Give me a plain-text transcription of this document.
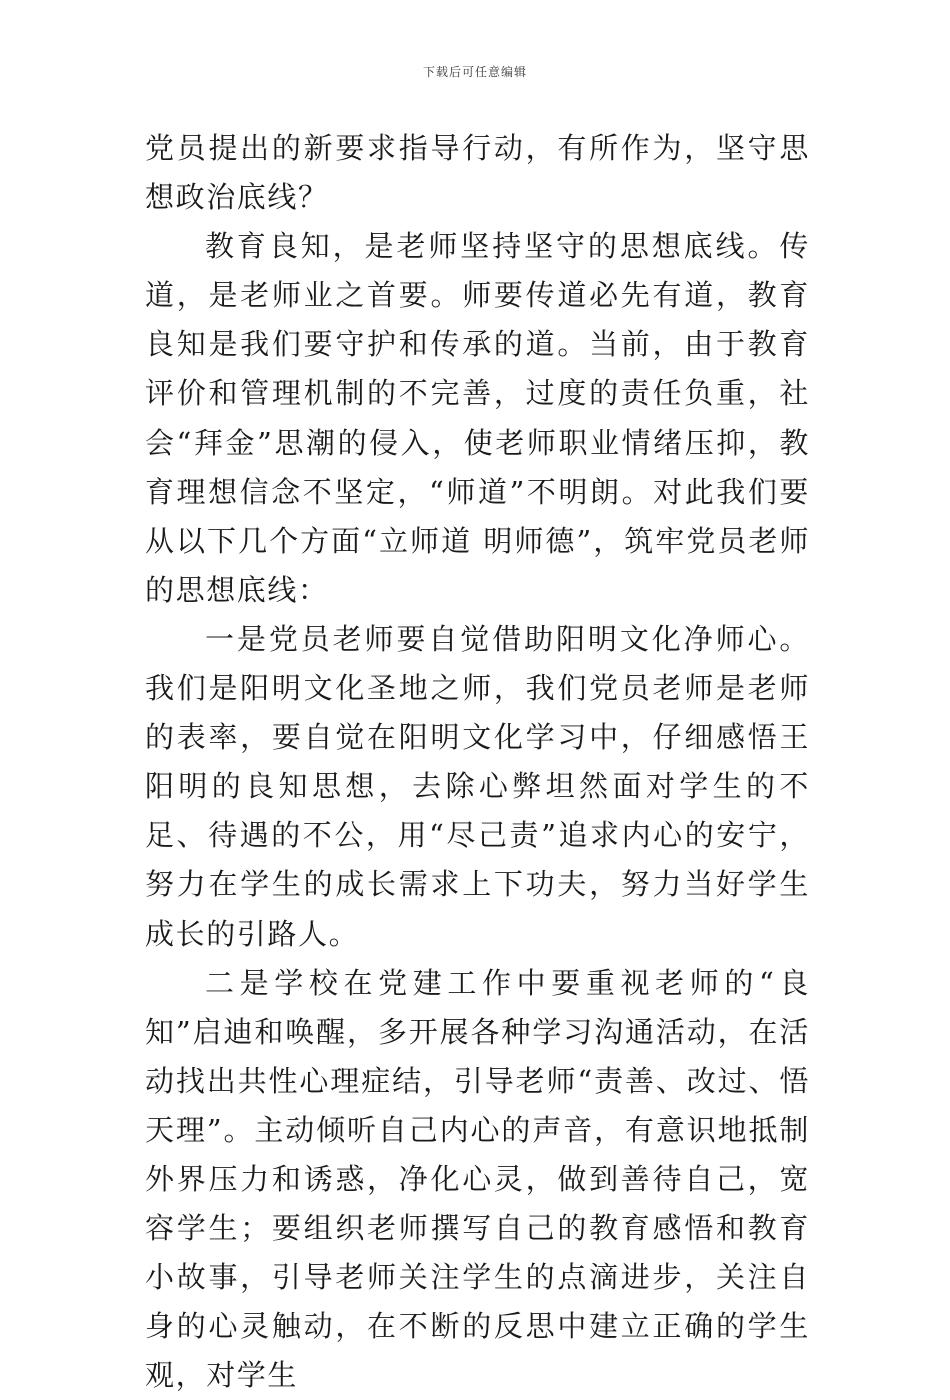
下载后可任意编辑

党员提出的新要求指导行动，有所作为，坚守思想政治底线？

教育良知，是老师坚持坚守的思想底线。传道，是老师业之首要。师要传道必先有道，教育良知是我们要守护和传承的道。当前，由于教育评价和管理机制的不完善，过度的责任负重，社会“拜金”思潮的侵入，使老师职业情绪压抑，教育理想信念不坚定，“师道”不明朗。对此我们要从以下几个方面“立师道 明师德”，筑牢党员老师的思想底线：

一是党员老师要自觉借助阳明文化净师心。我们是阳明文化圣地之师，我们党员老师是老师的表率，要自觉在阳明文化学习中，仔细感悟王阳明的良知思想，去除心弊坦然面对学生的不足、待遇的不公，用“尽己责”追求内心的安宁，努力在学生的成长需求上下功夫，努力当好学生成长的引路人。

二是学校在党建工作中要重视老师的“良知”启迪和唤醒，多开展各种学习沟通活动，在活动找出共性心理症结，引导老师“责善、改过、悟天理”。主动倾听自己内心的声音，有意识地抵制外界压力和诱惑，净化心灵，做到善待自己，宽容学生；要组织老师撰写自己的教育感悟和教育小故事，引导老师关注学生的点滴进步，关注自身的心灵触动，在不断的反思中建立正确的学生观，对学生
